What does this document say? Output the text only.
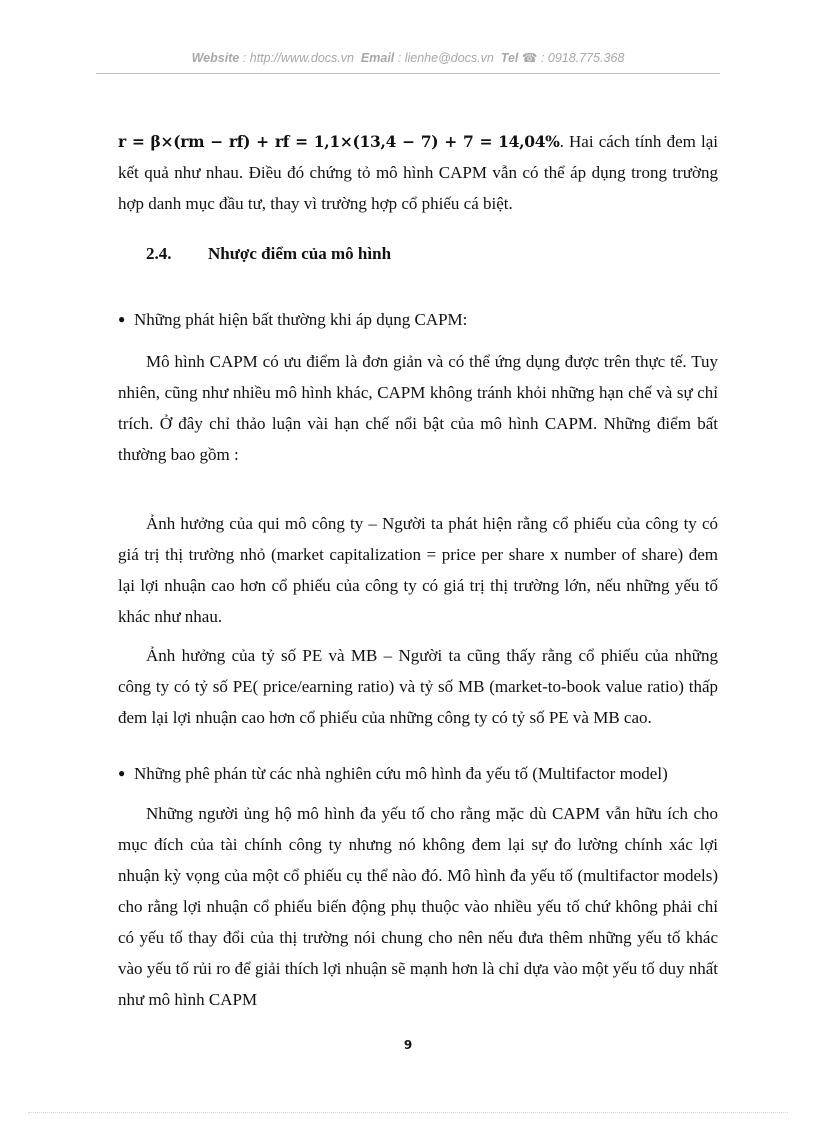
Website : http://www.docs.vn Email : lienhe@docs.vn Tel ☎ : 0918.775.368

r = β×(rm − rf) + rf = 1,1×(13,4 − 7) + 7 = 14,04%. Hai cách tính đem lại kết quả như nhau. Điều đó chứng tỏ mô hình CAPM vẫn có thể áp dụng trong trường hợp danh mục đầu tư, thay vì trường hợp cổ phiếu cá biệt.

2.4. Nhược điểm của mô hình
● Những phát hiện bất thường khi áp dụng CAPM:

Mô hình CAPM có ưu điểm là đơn giản và có thể ứng dụng được trên thực tế. Tuy nhiên, cũng như nhiều mô hình khác, CAPM không tránh khỏi những hạn chế và sự chỉ trích. Ở đây chỉ thảo luận vài hạn chế nổi bật của mô hình CAPM. Những điểm bất thường bao gồm :

Ảnh hưởng của qui mô công ty – Người ta phát hiện rằng cổ phiếu của công ty có giá trị thị trường nhỏ (market capitalization = price per share x number of share) đem lại lợi nhuận cao hơn cổ phiếu của công ty có giá trị thị trường lớn, nếu những yếu tố khác như nhau.

Ảnh hưởng của tỷ số PE và MB – Người ta cũng thấy rằng cổ phiếu của những công ty có tỷ số PE( price/earning ratio) và tỷ số MB (market-to-book value ratio) thấp đem lại lợi nhuận cao hơn cổ phiếu của những công ty có tỷ số PE và MB cao.

● Những phê phán từ các nhà nghiên cứu mô hình đa yếu tố (Multifactor model)

Những người ủng hộ mô hình đa yếu tố cho rằng mặc dù CAPM vẫn hữu ích cho mục đích của tài chính công ty nhưng nó không đem lại sự đo lường chính xác lợi nhuận kỳ vọng của một cổ phiếu cụ thể nào đó. Mô hình đa yếu tố (multifactor models) cho rằng lợi nhuận cổ phiếu biến động phụ thuộc vào nhiều yếu tố chứ không phải chỉ có yếu tố thay đổi của thị trường nói chung cho nên nếu đưa thêm những yếu tố khác vào yếu tố rủi ro để giải thích lợi nhuận sẽ mạnh hơn là chỉ dựa vào một yếu tố duy nhất như mô hình CAPM

9
